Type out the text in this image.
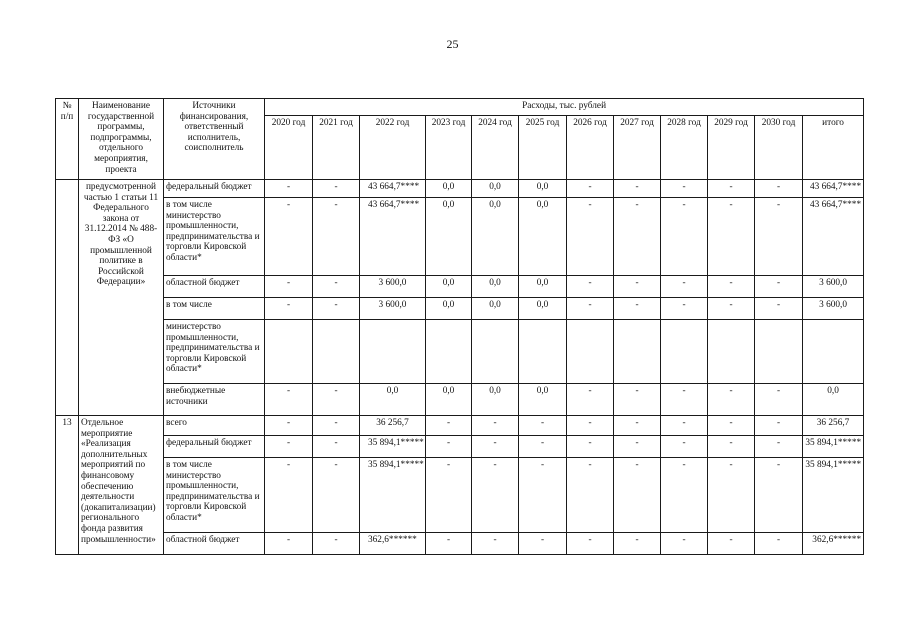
25
№
п/п	Наименование государственной программы, подпрограммы, отдельного мероприятия, проекта	Источники финансирования, ответственный исполнитель, соисполнитель	Расходы, тыс. рублей											
			2020 год	2021 год	2022 год	2023 год	2024 год	2025 год	2026 год	2027 год	2028 год	2029 год	2030 год	итого
	предусмотренной частью 1 статьи 11 Федерального закона от 31.12.2014 № 488-ФЗ «О промышленной политике в Российской Федерации»	федеральный бюджет	-	-	43 664,7****	0,0	0,0	0,0	-	-	-	-	-	43 664,7****
		в том числе министерство промышленности, предпринимательства и торговли Кировской области*	-	-	43 664,7****	0,0	0,0	0,0	-	-	-	-	-	43 664,7****
		областной бюджет	-	-	3 600,0	0,0	0,0	0,0	-	-	-	-	-	3 600,0
		в том числе	-	-	3 600,0	0,0	0,0	0,0	-	-	-	-	-	3 600,0
		министерство промышленности, предпринимательства и торговли Кировской области*												
		внебюджетные источники	-	-	0,0	0,0	0,0	0,0	-	-	-	-	-	0,0
13	Отдельное мероприятие «Реализация дополнительных мероприятий по финансовому обеспечению деятельности (докапитализации) регионального фонда развития промышленности»	всего	-	-	36 256,7	-	-	-	-	-	-	-	-	36 256,7
		федеральный бюджет	-	-	35 894,1*****	-	-	-	-	-	-	-	-	35 894,1*****
		в том числе министерство промышленности, предпринимательства и торговли Кировской области*	-	-	35 894,1*****	-	-	-	-	-	-	-	-	35 894,1*****
		областной бюджет	-	-	362,6******	-	-	-	-	-	-	-	-	362,6******
